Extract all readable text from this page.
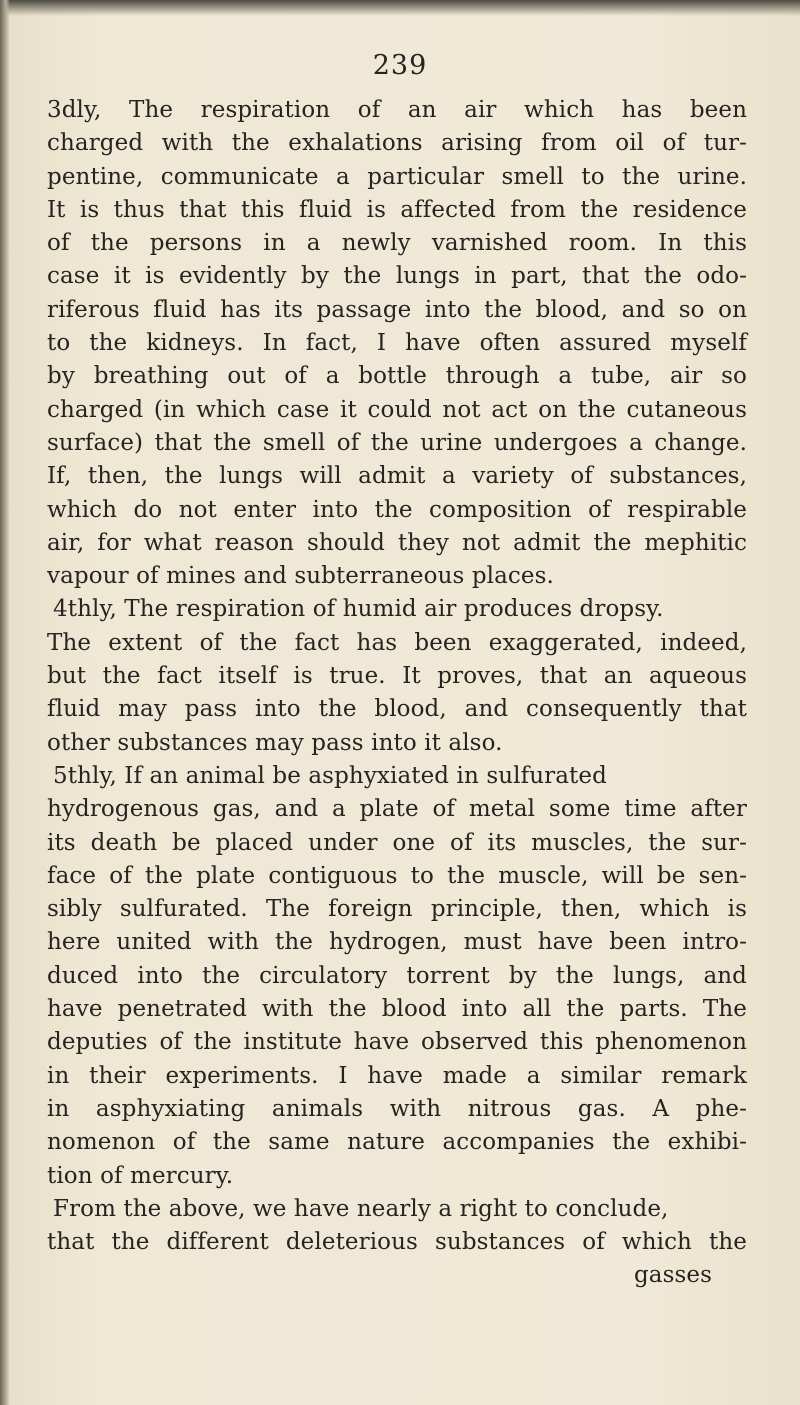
239
3dly, The respiration of an air which has been
charged with the exhalations arising from oil of tur-
pentine, communicate a particular smell to the urine.
It is thus that this fluid is affected from the residence
of the persons in a newly varnished room. In this
case it is evidently by the lungs in part, that the odo-
riferous fluid has its passage into the blood, and so on
to the kidneys. In fact, I have often assured myself
by breathing out of a bottle through a tube, air so
charged (in which case it could not act on the cutaneous
surface) that the smell of the urine undergoes a change.
If, then, the lungs will admit a variety of substances,
which do not enter into the composition of respirable
air, for what reason should they not admit the mephitic
vapour of mines and subterraneous places.
4thly, The respiration of humid air produces dropsy.
The extent of the fact has been exaggerated, indeed,
but the fact itself is true. It proves, that an aqueous
fluid may pass into the blood, and consequently that
other substances may pass into it also.
5thly, If an animal be asphyxiated in sulfurated
hydrogenous gas, and a plate of metal some time after
its death be placed under one of its muscles, the sur-
face of the plate contiguous to the muscle, will be sen-
sibly sulfurated. The foreign principle, then, which is
here united with the hydrogen, must have been intro-
duced into the circulatory torrent by the lungs, and
have penetrated with the blood into all the parts. The
deputies of the institute have observed this phenomenon
in their experiments. I have made a similar remark
in asphyxiating animals with nitrous gas. A phe-
nomenon of the same nature accompanies the exhibi-
tion of mercury.
From the above, we have nearly a right to conclude,
that the different deleterious substances of which the
gasses
